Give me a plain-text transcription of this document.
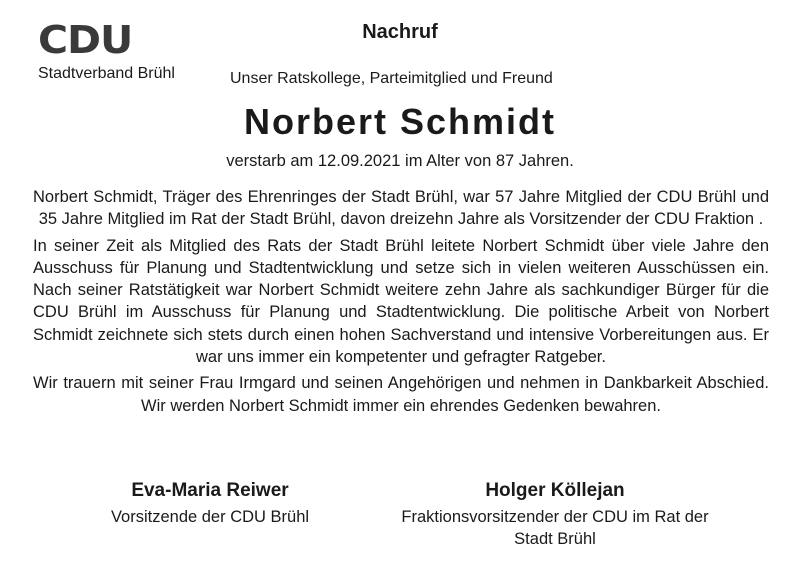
CDU
Stadtverband Brühl
Nachruf
Unser Ratskollege, Parteimitglied und Freund
Norbert Schmidt
verstarb am 12.09.2021 im Alter von 87 Jahren.

Norbert Schmidt, Träger des Ehrenringes der Stadt Brühl, war 57 Jahre Mitglied der CDU Brühl und 35 Jahre Mitglied im Rat der Stadt Brühl, davon dreizehn Jahre als Vorsitzender der CDU Fraktion .

In seiner Zeit als Mitglied des Rats der Stadt Brühl leitete Norbert Schmidt über viele Jahre den Ausschuss für Planung und Stadtentwicklung und setze sich in vielen weiteren Ausschüssen ein. Nach seiner Ratstätigkeit war Norbert Schmidt weitere zehn Jahre als sachkundiger Bürger für die CDU Brühl im Ausschuss für Planung und Stadtentwicklung. Die politische Arbeit von Norbert Schmidt zeichnete sich stets durch einen hohen Sachverstand und intensive Vorbereitungen aus. Er war uns immer ein kompetenter und gefragter Ratgeber.

Wir trauern mit seiner Frau Irmgard und seinen Angehörigen und nehmen in Dankbarkeit Abschied. Wir werden Norbert Schmidt immer ein ehrendes Gedenken bewahren.

Eva-Maria Reiwer
Vorsitzende der CDU Brühl
Holger Köllejan
Fraktionsvorsitzender der CDU im Rat der Stadt Brühl
